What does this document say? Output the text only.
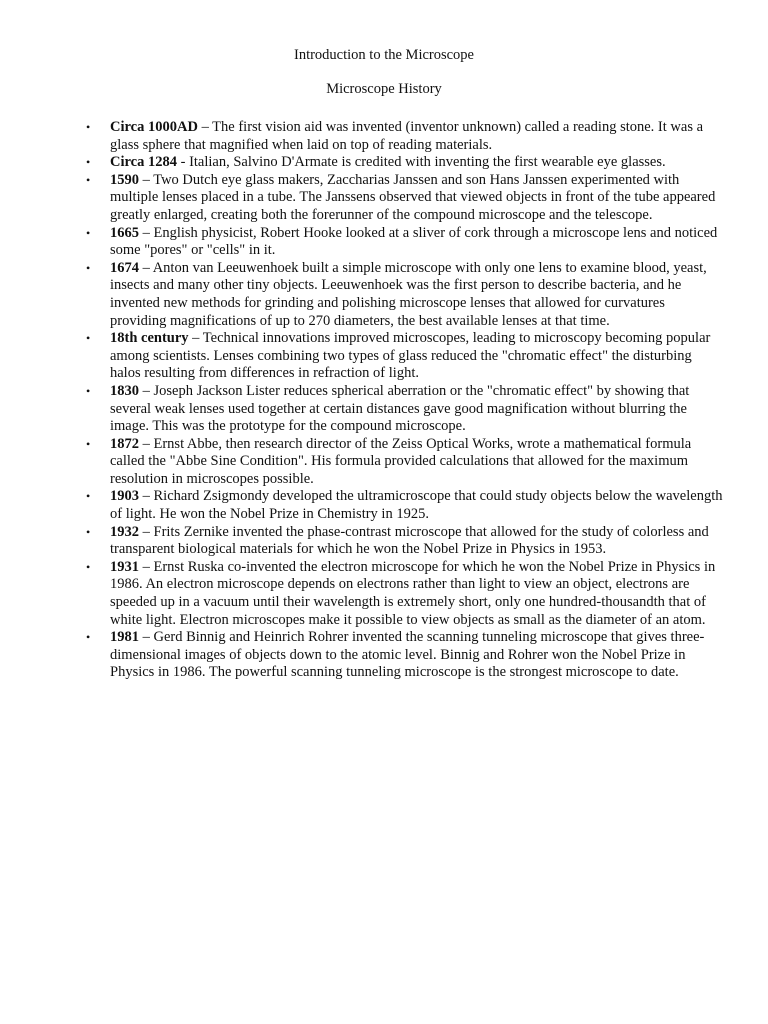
Introduction to the Microscope
Microscope History
• Circa 1000AD – The first vision aid was invented (inventor unknown) called a reading stone. It was a glass sphere that magnified when laid on top of reading materials.
• Circa 1284 - Italian, Salvino D'Armate is credited with inventing the first wearable eye glasses.
• 1590 – Two Dutch eye glass makers, Zaccharias Janssen and son Hans Janssen experimented with multiple lenses placed in a tube. The Janssens observed that viewed objects in front of the tube appeared greatly enlarged, creating both the forerunner of the compound microscope and the telescope.
• 1665 – English physicist, Robert Hooke looked at a sliver of cork through a microscope lens and noticed some "pores" or "cells" in it.
• 1674 – Anton van Leeuwenhoek built a simple microscope with only one lens to examine blood, yeast, insects and many other tiny objects. Leeuwenhoek was the first person to describe bacteria, and he invented new methods for grinding and polishing microscope lenses that allowed for curvatures providing magnifications of up to 270 diameters, the best available lenses at that time.
• 18th century – Technical innovations improved microscopes, leading to microscopy becoming popular among scientists. Lenses combining two types of glass reduced the "chromatic effect" the disturbing halos resulting from differences in refraction of light.
• 1830 – Joseph Jackson Lister reduces spherical aberration or the "chromatic effect" by showing that several weak lenses used together at certain distances gave good magnification without blurring the image. This was the prototype for the compound microscope.
• 1872 – Ernst Abbe, then research director of the Zeiss Optical Works, wrote a mathematical formula called the "Abbe Sine Condition". His formula provided calculations that allowed for the maximum resolution in microscopes possible.
• 1903 – Richard Zsigmondy developed the ultramicroscope that could study objects below the wavelength of light. He won the Nobel Prize in Chemistry in 1925.
• 1932 – Frits Zernike invented the phase-contrast microscope that allowed for the study of colorless and transparent biological materials for which he won the Nobel Prize in Physics in 1953.
• 1931 – Ernst Ruska co-invented the electron microscope for which he won the Nobel Prize in Physics in 1986. An electron microscope depends on electrons rather than light to view an object, electrons are speeded up in a vacuum until their wavelength is extremely short, only one hundred-thousandth that of white light. Electron microscopes make it possible to view objects as small as the diameter of an atom.
• 1981 – Gerd Binnig and Heinrich Rohrer invented the scanning tunneling microscope that gives three-dimensional images of objects down to the atomic level. Binnig and Rohrer won the Nobel Prize in Physics in 1986. The powerful scanning tunneling microscope is the strongest microscope to date.
